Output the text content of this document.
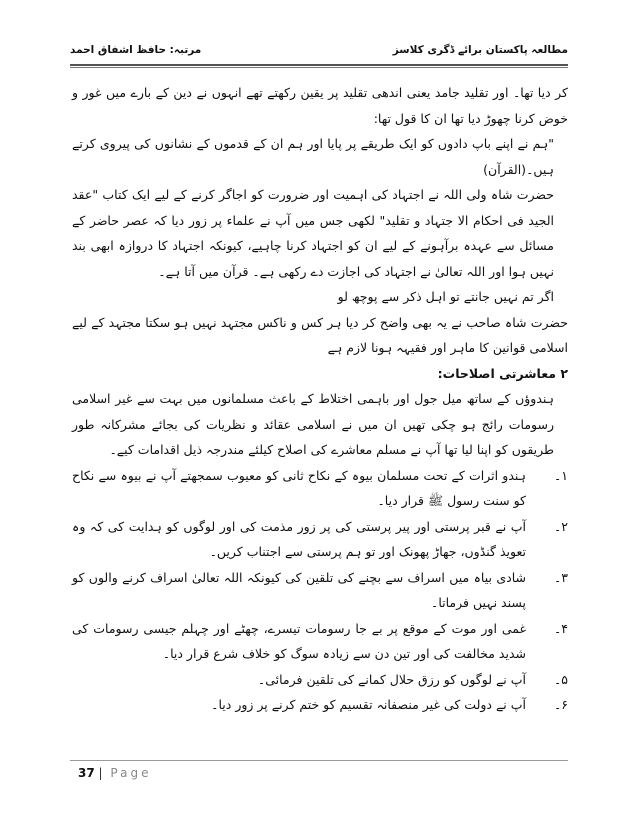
مرتبہ: حافظ اشفاق احمد	مطالعہ پاکستان برائے ڈگری کلاسز

کر دیا تھا۔ اور تقلید جامد یعنی اندھی تقلید پر یقین رکھتے تھے انہوں نے دین کے بارے میں غور و خوض کرنا چھوڑ دیا تھا ان کا قول تھا:

"ہم نے اپنے باپ دادوں کو ایک طریقے پر پایا اور ہم ان کے قدموں کے نشانوں کی پیروی کرتے ہیں۔(القرآن)

حضرت شاہ ولی اللہ نے اجتہاد کی اہمیت اور ضرورت کو اجاگر کرنے کے لیے ایک کتاب "عقد الجید فی احکام الا جتہاد و تقلید" لکھی جس میں آپ نے علماء پر زور دیا کہ عصر حاضر کے مسائل سے عہدہ برآہونے کے لیے ان کو اجتہاد کرنا چاہیے، کیونکہ اجتہاد کا دروازہ ابھی بند نہیں ہوا اور اللہ تعالیٰ نے اجتہاد کی اجازت دے رکھی ہے۔ قرآن میں آتا ہے۔

اگر تم نہیں جانتے تو اہل ذکر سے پوچھ لو

حضرت شاہ صاحب نے یہ بھی واضح کر دیا ہر کس و ناکس مجتہد نہیں ہو سکتا مجتہد کے لیے اسلامی قوانین کا ماہر اور فقیہہ ہونا لازم ہے

۲ معاشرتی اصلاحات:

ہندوؤں کے ساتھ میل جول اور باہمی اختلاط کے باعث مسلمانوں میں بہت سے غیر اسلامی رسومات رائج ہو چکی تھیں ان میں نے اسلامی عقائد و نظریات کی بجائے مشرکانہ طور طریقوں کو اپنا لیا تھا آپ نے مسلم معاشرے کی اصلاح کیلئے مندرجہ ذیل اقدامات کیے۔

۱۔
ہندو اثرات کے تحت مسلمان بیوہ کے نکاح ثانی کو معیوب سمجھتے آپ نے بیوہ سے نکاح کو سنت رسول ﷺ قرار دیا۔
۲۔
آپ نے قبر پرستی اور پیر پرستی کی پر زور مذمت کی اور لوگوں کو ہدایت کی کہ وہ تعویذ گنڈوں، جھاڑ پھونک اور تو ہم پرستی سے اجتناب کریں۔
۳۔
شادی بیاہ میں اسراف سے بچنے کی تلقین کی کیونکہ اللہ تعالیٰ اسراف کرنے والوں کو پسند نہیں فرماتا۔
۴۔
غمی اور موت کے موقع پر بے جا رسومات تیسرے، چھٹے اور چہلم جیسی رسومات کی شدید مخالفت کی اور تین دن سے زیادہ سوگ کو خلاف شرع قرار دیا۔
۵۔
آپ نے لوگوں کو رزق حلال کمانے کی تلقین فرمائی۔
۶۔
آپ نے دولت کی غیر منصفانہ تقسیم کو ختم کرنے پر زور دیا۔
37 | Page
